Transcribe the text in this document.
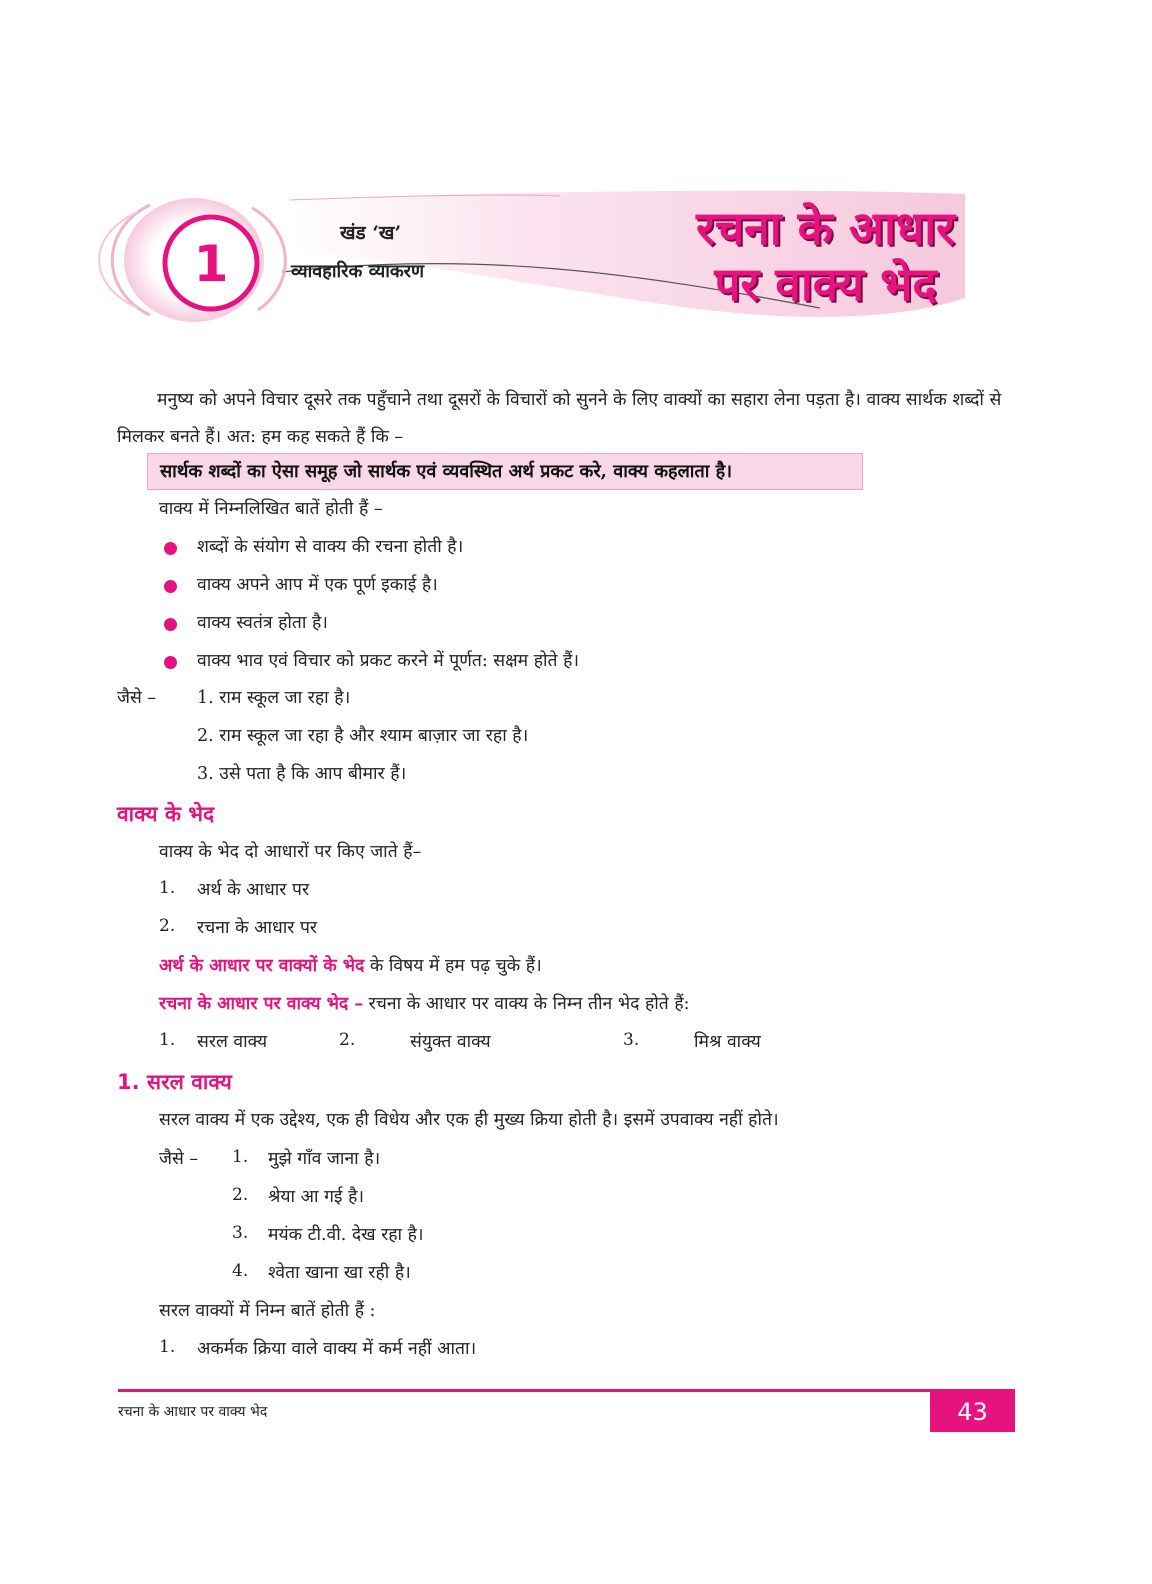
1
खंड ‘ख’
व्यावहारिक व्याकरण
रचना के आधार
पर वाक्य भेद
मनुष्य को अपने विचार दूसरे तक पहुँचाने तथा दूसरों के विचारों को सुनने के लिए वाक्यों का सहारा लेना पड़ता है। वाक्य सार्थक शब्दों से मिलकर बनते हैं। अत: हम कह सकते हैं कि –
सार्थक शब्दों का ऐसा समूह जो सार्थक एवं व्यवस्थित अर्थ प्रकट करे, वाक्य कहलाता है।
वाक्य में निम्नलिखित बातें होती हैं –
शब्दों के संयोग से वाक्य की रचना होती है।
वाक्य अपने आप में एक पूर्ण इकाई है।
वाक्य स्वतंत्र होता है।
वाक्य भाव एवं विचार को प्रकट करने में पूर्णत: सक्षम होते हैं।
जैसे – 1. राम स्कूल जा रहा है।
2. राम स्कूल जा रहा है और श्याम बाज़ार जा रहा है।
3. उसे पता है कि आप बीमार हैं।
वाक्य के भेद
वाक्य के भेद दो आधारों पर किए जाते हैं–
1. अर्थ के आधार पर
2. रचना के आधार पर
अर्थ के आधार पर वाक्यों के भेद के विषय में हम पढ़ चुके हैं।
रचना के आधार पर वाक्य भेद – रचना के आधार पर वाक्य के निम्न तीन भेद होते हैं:
1. सरल वाक्य	2.	संयुक्त वाक्य	3.	मिश्र वाक्य
1. सरल वाक्य
सरल वाक्य में एक उद्देश्य, एक ही विधेय और एक ही मुख्य क्रिया होती है। इसमें उपवाक्य नहीं होते।
जैसे – 1. मुझे गाँव जाना है।
2. श्रेया आ गई है।
3. मयंक टी.वी. देख रहा है।
4. श्वेता खाना खा रही है।
सरल वाक्यों में निम्न बातें होती हैं :
1. अकर्मक क्रिया वाले वाक्य में कर्म नहीं आता।
रचना के आधार पर वाक्य भेद	43
